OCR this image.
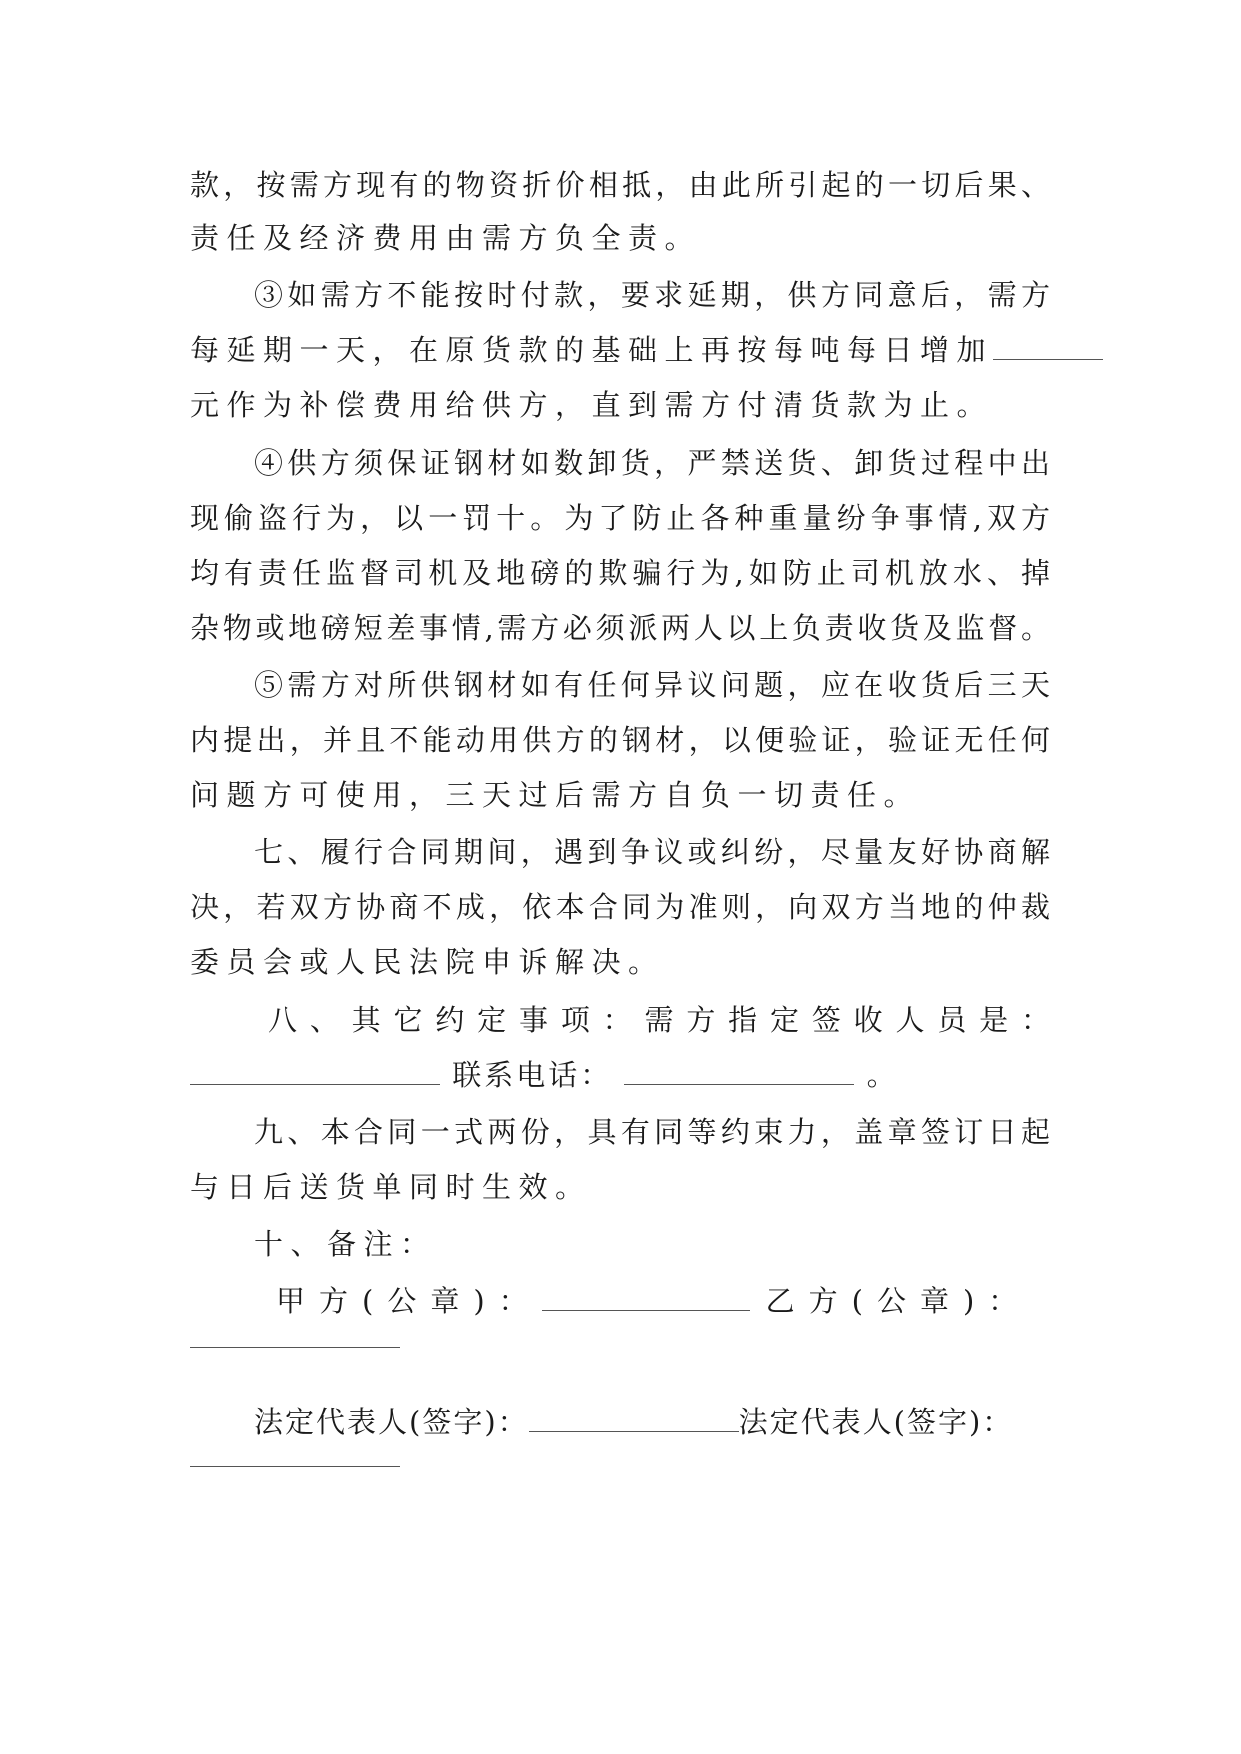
款，按需方现有的物资折价相抵，由此所引起的一切后果、
责任及经济费用由需方负全责。
③如需方不能按时付款，要求延期，供方同意后，需方
每延期一天，在原货款的基础上再按每吨每日增加
元作为补偿费用给供方，直到需方付清货款为止。
④供方须保证钢材如数卸货，严禁送货、卸货过程中出
现偷盗行为，以一罚十。为了防止各种重量纷争事情,双方
均有责任监督司机及地磅的欺骗行为,如防止司机放水、掉
杂物或地磅短差事情,需方必须派两人以上负责收货及监督。
⑤需方对所供钢材如有任何异议问题，应在收货后三天
内提出，并且不能动用供方的钢材，以便验证，验证无任何
问题方可使用，三天过后需方自负一切责任。
七、履行合同期间，遇到争议或纠纷，尽量友好协商解
决，若双方协商不成，依本合同为准则，向双方当地的仲裁
委员会或人民法院申诉解决。
八、其它约定事项：需方指定签收人员是：
联系电话：	。
九、本合同一式两份，具有同等约束力，盖章签订日起
与日后送货单同时生效。
十、备注：
甲方(公章)：	乙方(公章)：
法定代表人(签字)：	法定代表人(签字)：
